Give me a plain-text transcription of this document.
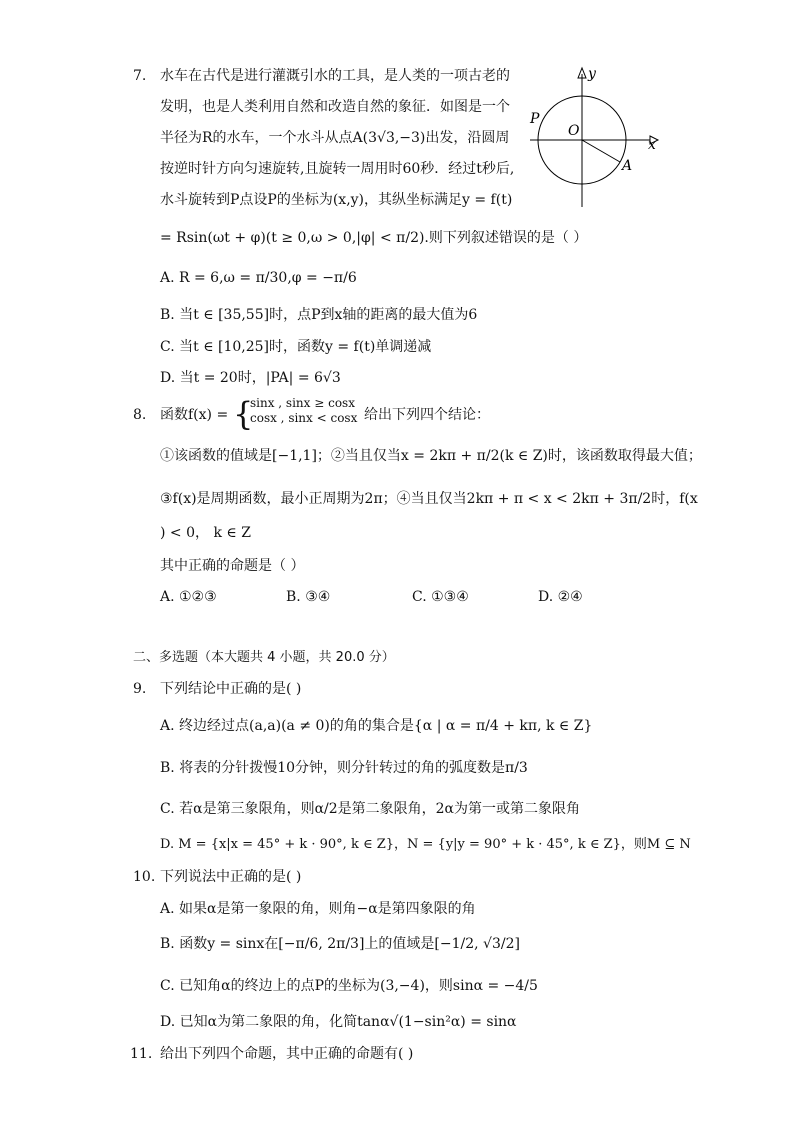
7. 水车在古代是进行灌溉引水的工具，是人类的一项古老的
发明，也是人类利用自然和改造自然的象征．如图是一个
半径为R的水车，一个水斗从点A(3√3,−3)出发，沿圆周
按逆时针方向匀速旋转,且旋转一周用时60秒．经过t秒后,
水斗旋转到P点设P的坐标为(x,y)，其纵坐标满足y = f(t)
= Rsin(ωt + φ)(t ≥ 0,ω > 0,|φ| < π/2).则下列叙述错误的是（ ）
y
x
O
P
A
A. R = 6,ω = π/30,φ = −π/6
B. 当t ∈ [35,55]时，点P到x轴的距离的最大值为6
C. 当t ∈ [10,25]时，函数y = f(t)单调递减
D. 当t = 20时，|PA| = 6√3
8. 函数f(x) = {
sinx , sinx ≥ cosx
cosx , sinx < cosx 给出下列四个结论：
①该函数的值域是[−1,1]；②当且仅当x = 2kπ + π/2(k ∈ Z)时，该函数取得最大值；
③f(x)是周期函数，最小正周期为2π；④当且仅当2kπ + π < x < 2kπ + 3π/2时，f(x
) < 0， k ∈ Z
其中正确的命题是（ ）
A. ①②③	B. ③④	C. ①③④	D. ②④
二、多选题（本大题共 4 小题，共 20.0 分）
9. 下列结论中正确的是( )
A. 终边经过点(a,a)(a ≠ 0)的角的集合是{α | α = π/4 + kπ, k ∈ Z}
B. 将表的分针拨慢10分钟，则分针转过的角的弧度数是π/3
C. 若α是第三象限角，则α/2是第二象限角，2α为第一或第二象限角
D. M = {x|x = 45° + k · 90°, k ∈ Z}，N = {y|y = 90° + k · 45°, k ∈ Z}，则M ⊆ N
10. 下列说法中正确的是( )
A. 如果α是第一象限的角，则角−α是第四象限的角
B. 函数y = sinx在[−π/6, 2π/3]上的值域是[−1/2, √3/2]
C. 已知角α的终边上的点P的坐标为(3,−4)，则sinα = −4/5
D. 已知α为第二象限的角，化简tanα√(1−sin²α) = sinα
11. 给出下列四个命题，其中正确的命题有( )
